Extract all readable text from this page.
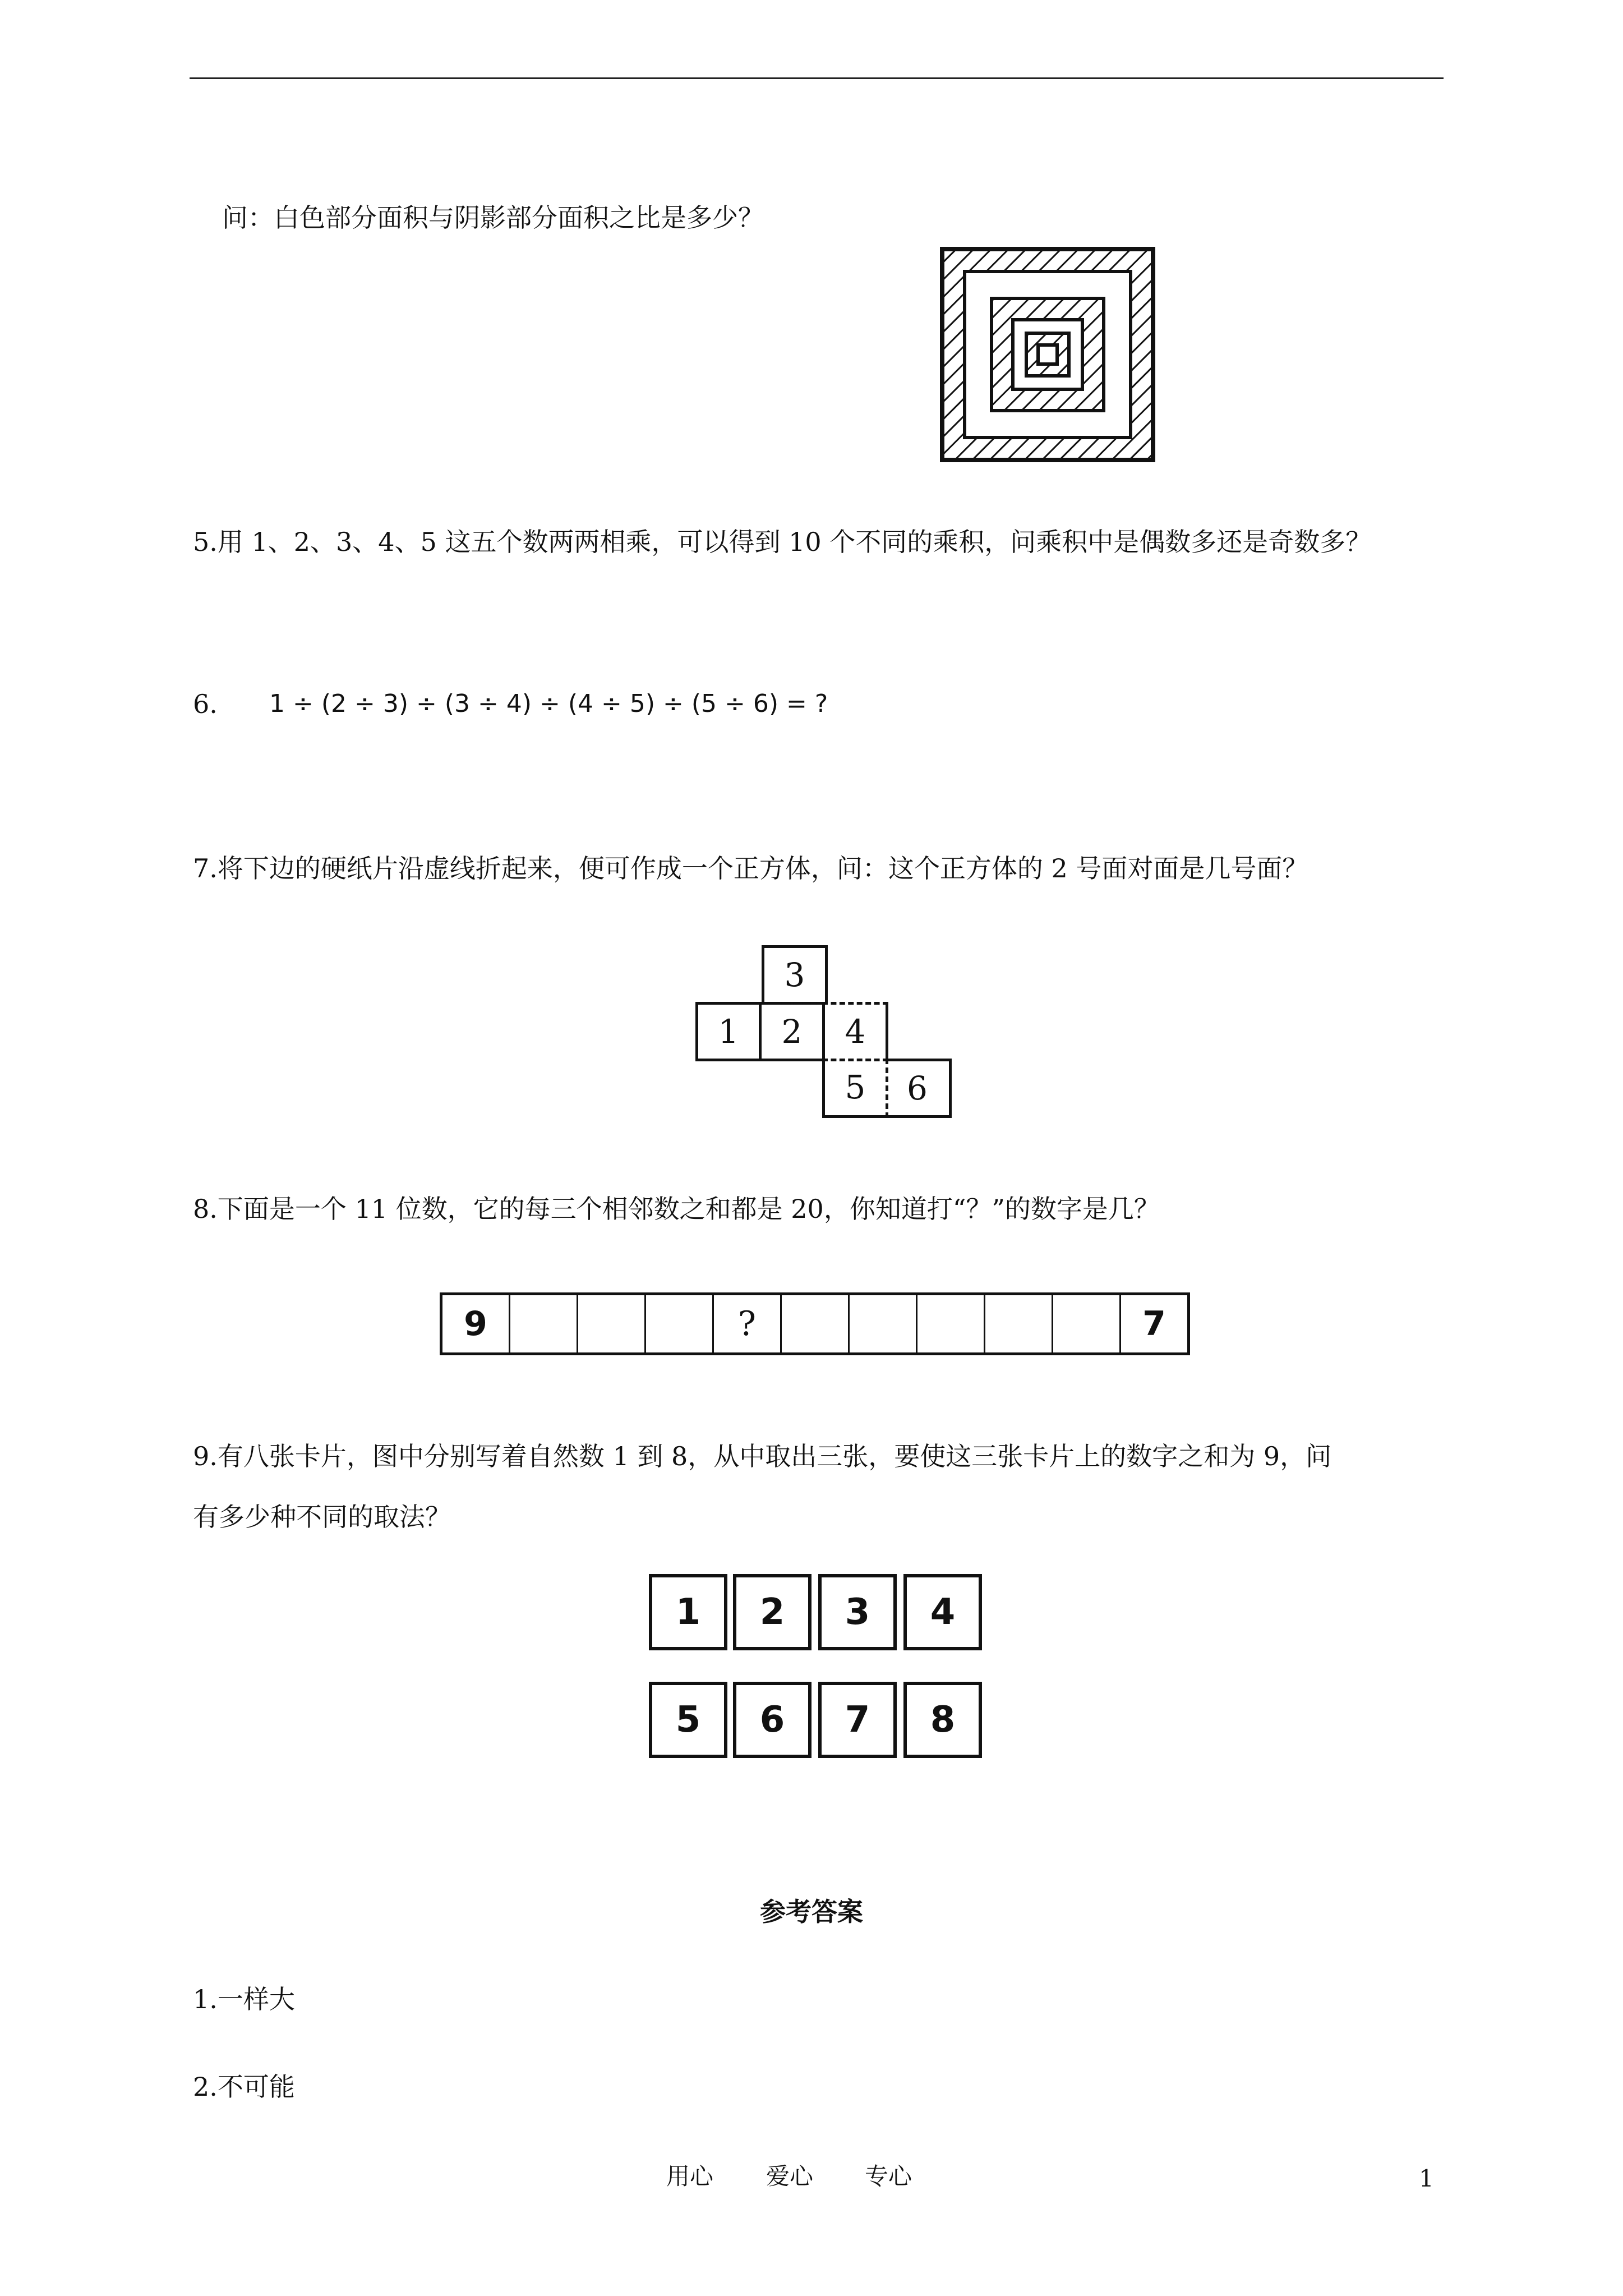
问：白色部分面积与阴影部分面积之比是多少？
5.用 1、2、3、4、5 这五个数两两相乘，可以得到 10 个不同的乘积，问乘积中是偶数多还是奇数多？
6. 1 ÷ (2 ÷ 3) ÷ (3 ÷ 4) ÷ (4 ÷ 5) ÷ (5 ÷ 6) = ?
7.将下边的硬纸片沿虚线折起来，便可作成一个正方体，问：这个正方体的 2 号面对面是几号面？
3
1	2	4
5	6
8.下面是一个 11 位数，它的每三个相邻数之和都是 20，你知道打“？”的数字是几？
9	?	7
9.有八张卡片，图中分别写着自然数 1 到 8，从中取出三张，要使这三张卡片上的数字之和为 9，问
有多少种不同的取法？
1	2	3	4
5	6	7	8
参考答案
1.一样大
2.不可能
用心 爱心 专心	1
